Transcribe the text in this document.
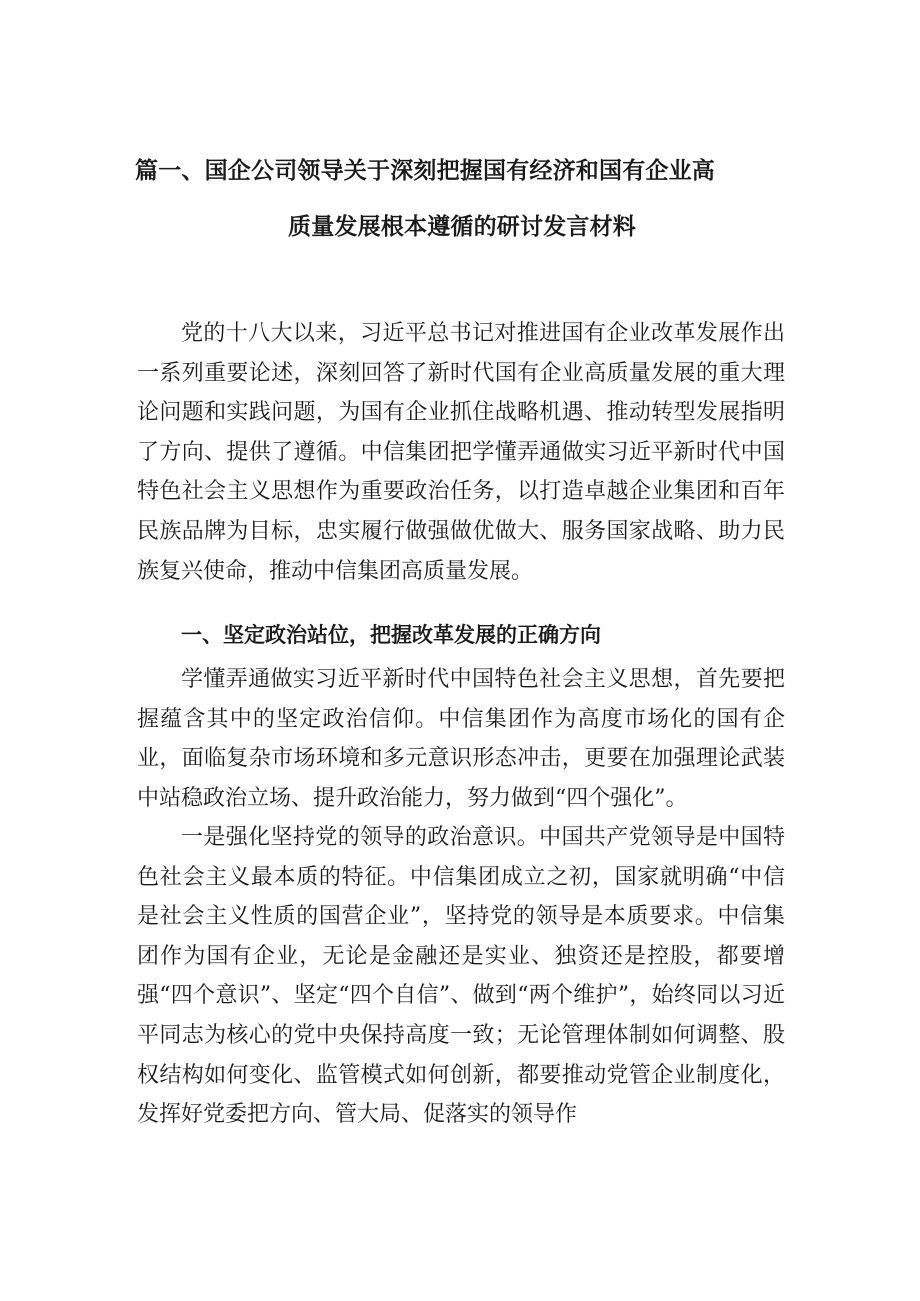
篇一、国企公司领导关于深刻把握国有经济和国有企业高
质量发展根本遵循的研讨发言材料

党的十八大以来，习近平总书记对推进国有企业改革发展作出一系列重要论述，深刻回答了新时代国有企业高质量发展的重大理论问题和实践问题，为国有企业抓住战略机遇、推动转型发展指明了方向、提供了遵循。中信集团把学懂弄通做实习近平新时代中国特色社会主义思想作为重要政治任务，以打造卓越企业集团和百年民族品牌为目标，忠实履行做强做优做大、服务国家战略、助力民族复兴使命，推动中信集团高质量发展。

一、坚定政治站位，把握改革发展的正确方向

学懂弄通做实习近平新时代中国特色社会主义思想，首先要把握蕴含其中的坚定政治信仰。中信集团作为高度市场化的国有企业，面临复杂市场环境和多元意识形态冲击，更要在加强理论武装中站稳政治立场、提升政治能力，努力做到“四个强化”。

一是强化坚持党的领导的政治意识。中国共产党领导是中国特色社会主义最本质的特征。中信集团成立之初，国家就明确“中信是社会主义性质的国营企业”，坚持党的领导是本质要求。中信集团作为国有企业，无论是金融还是实业、独资还是控股，都要增强“四个意识”、坚定“四个自信”、做到“两个维护”，始终同以习近平同志为核心的党中央保持高度一致；无论管理体制如何调整、股权结构如何变化、监管模式如何创新，都要推动党管企业制度化，发挥好党委把方向、管大局、促落实的领导作
